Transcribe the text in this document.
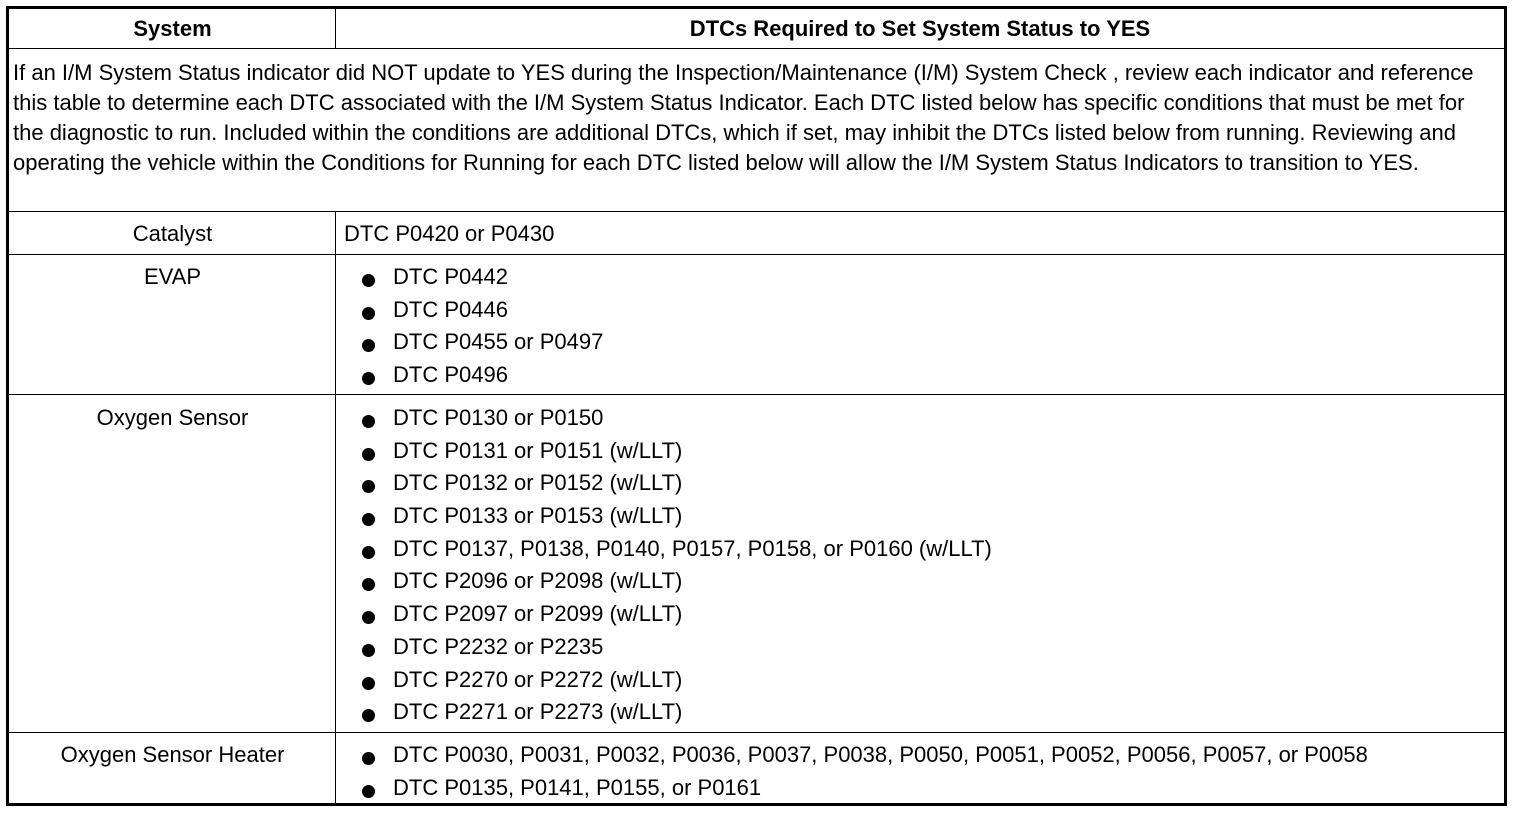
System	DTCs Required to Set System Status to YES
If an I/M System Status indicator did NOT update to YES during the Inspection/Maintenance (I/M) System Check , review each indicator and reference this table to determine each DTC associated with the I/M System Status Indicator. Each DTC listed below has specific conditions that must be met for the diagnostic to run. Included within the conditions are additional DTCs, which if set, may inhibit the DTCs listed below from running. Reviewing and operating the vehicle within the Conditions for Running for each DTC listed below will allow the I/M System Status Indicators to transition to YES.
Catalyst	DTC P0420 or P0430
EVAP	DTC P0442
DTC P0446
DTC P0455 or P0497
DTC P0496
Oxygen Sensor	DTC P0130 or P0150
DTC P0131 or P0151 (w/LLT)
DTC P0132 or P0152 (w/LLT)
DTC P0133 or P0153 (w/LLT)
DTC P0137, P0138, P0140, P0157, P0158, or P0160 (w/LLT)
DTC P2096 or P2098 (w/LLT)
DTC P2097 or P2099 (w/LLT)
DTC P2232 or P2235
DTC P2270 or P2272 (w/LLT)
DTC P2271 or P2273 (w/LLT)
Oxygen Sensor Heater	DTC P0030, P0031, P0032, P0036, P0037, P0038, P0050, P0051, P0052, P0056, P0057, or P0058
DTC P0135, P0141, P0155, or P0161
